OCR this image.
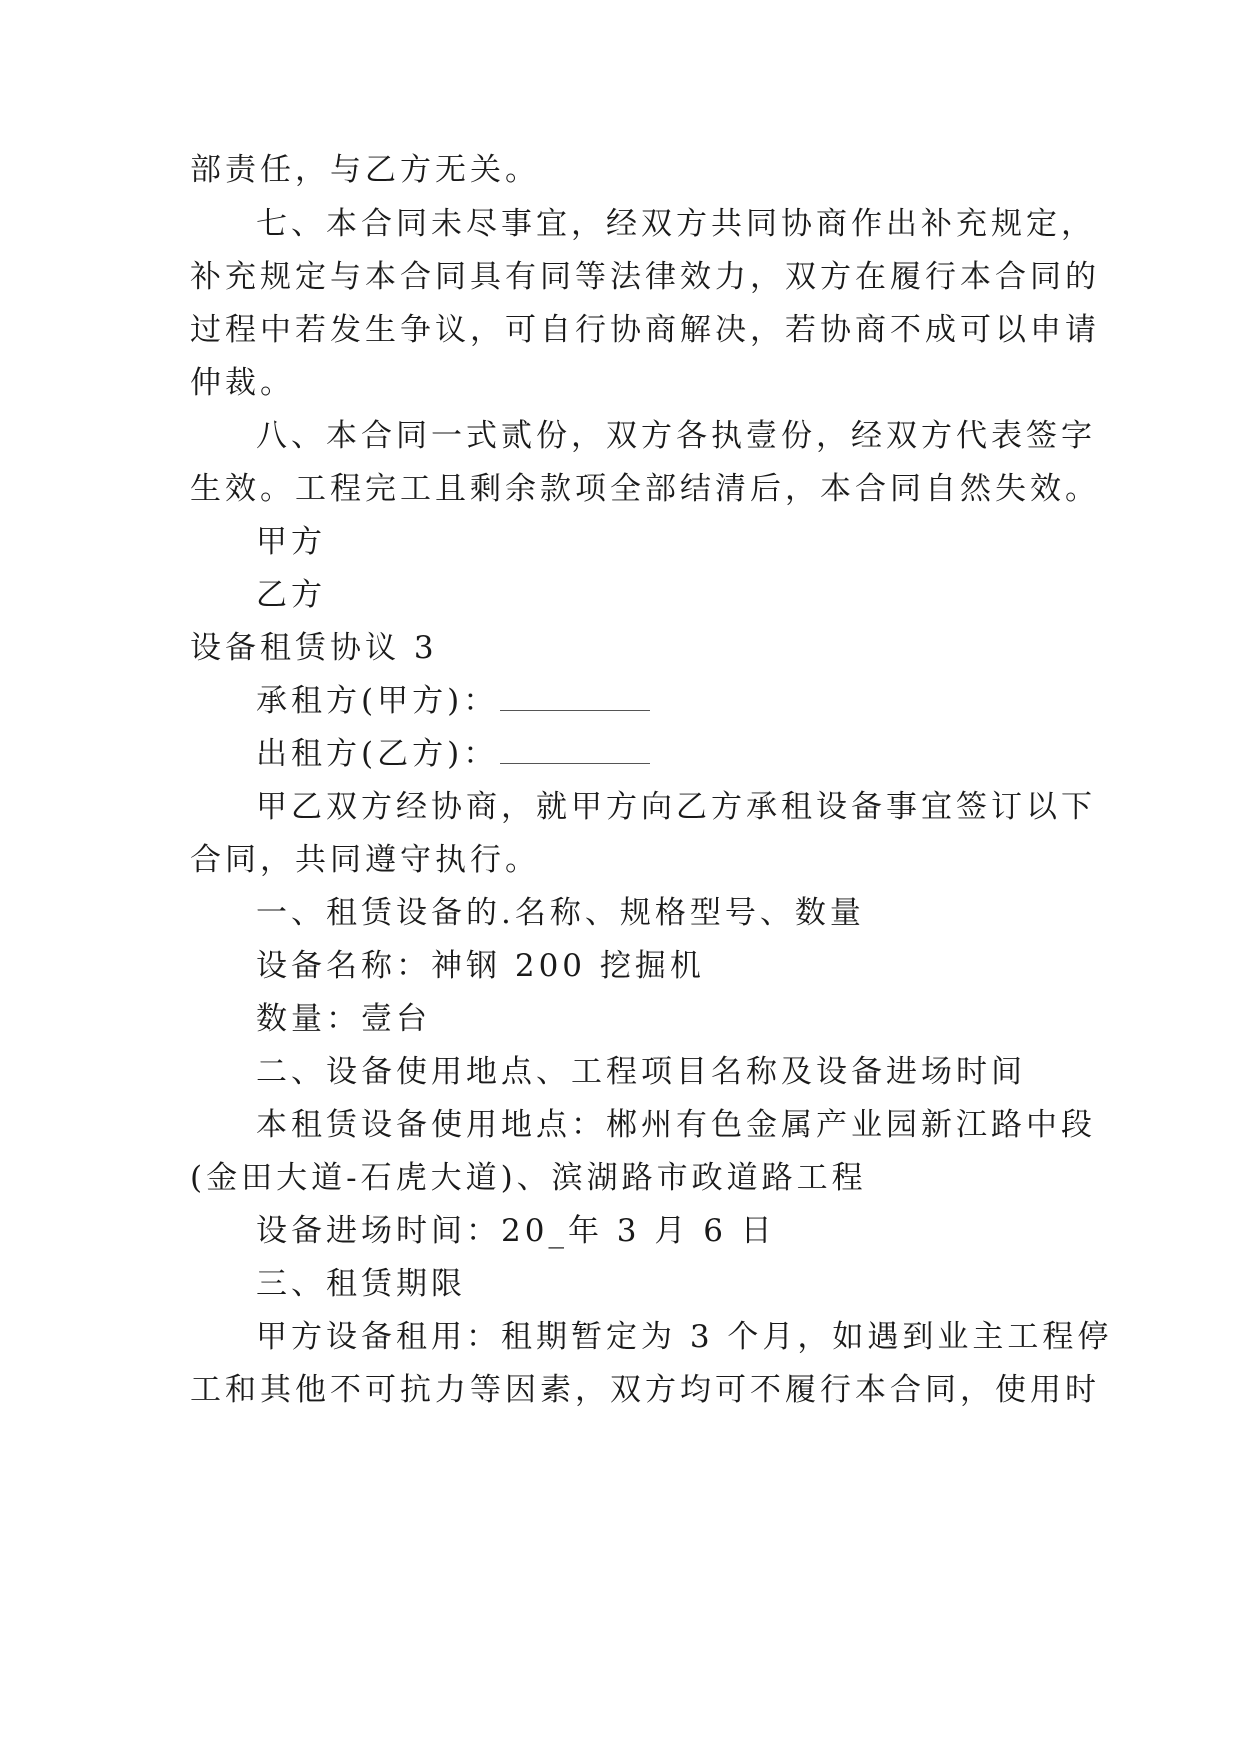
部责任，与乙方无关。
七、本合同未尽事宜，经双方共同协商作出补充规定，
补充规定与本合同具有同等法律效力，双方在履行本合同的
过程中若发生争议，可自行协商解决，若协商不成可以申请
仲裁。
八、本合同一式贰份，双方各执壹份，经双方代表签字
生效。工程完工且剩余款项全部结清后，本合同自然失效。
甲方
乙方
设备租赁协议 3
承租方(甲方)：
出租方(乙方)：
甲乙双方经协商，就甲方向乙方承租设备事宜签订以下
合同，共同遵守执行。
一、租赁设备的.名称、规格型号、数量
设备名称：神钢 200 挖掘机
数量：壹台
二、设备使用地点、工程项目名称及设备进场时间
本租赁设备使用地点：郴州有色金属产业园新江路中段
(金田大道-石虎大道)、滨湖路市政道路工程
设备进场时间：20_年 3 月 6 日
三、租赁期限
甲方设备租用：租期暂定为 3 个月，如遇到业主工程停
工和其他不可抗力等因素，双方均可不履行本合同，使用时
